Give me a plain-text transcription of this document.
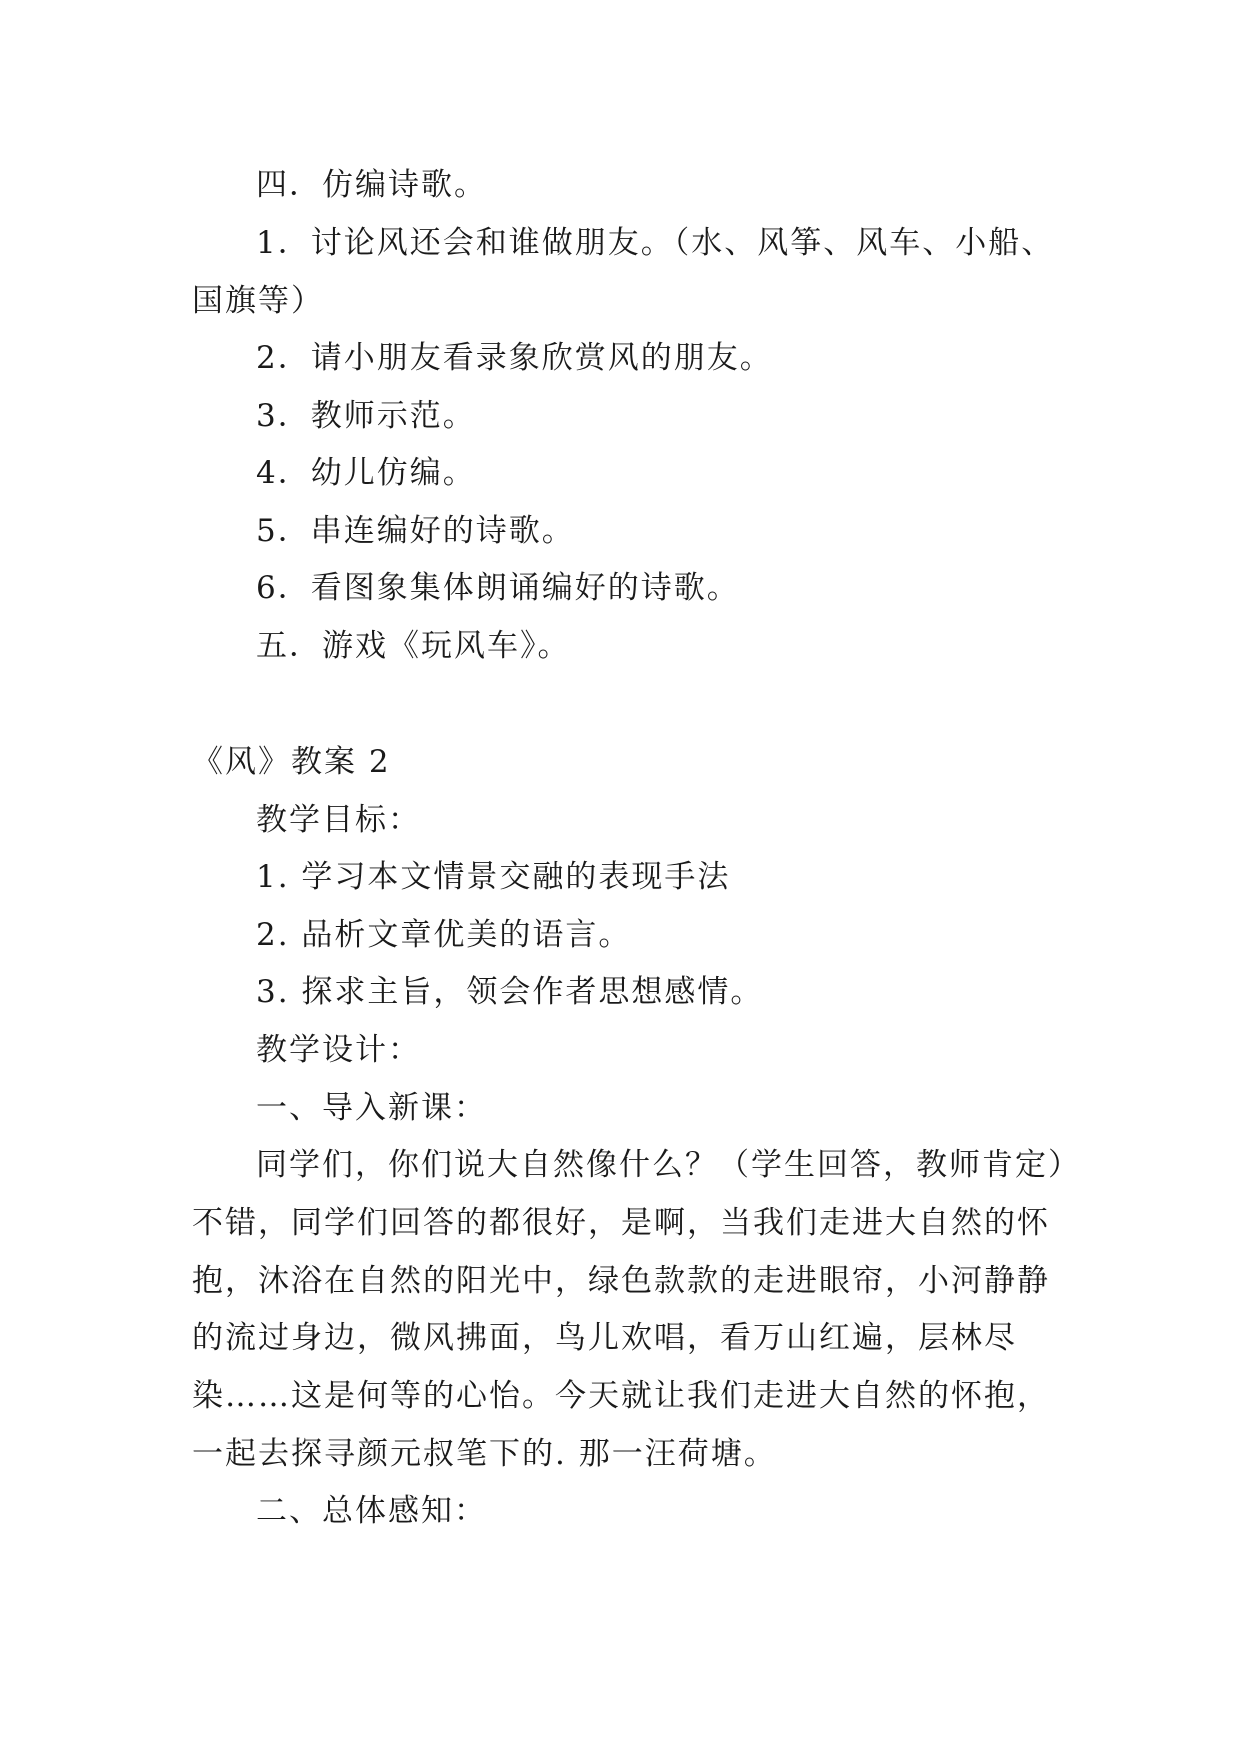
四．仿编诗歌。
1．讨论风还会和谁做朋友。（水、风筝、风车、小船、
国旗等）
2．请小朋友看录象欣赏风的朋友。
3．教师示范。
4．幼儿仿编。
5．串连编好的诗歌。
6．看图象集体朗诵编好的诗歌。
五．游戏《玩风车》。
《风》教案 2
教学目标：
1. 学习本文情景交融的表现手法
2. 品析文章优美的语言。
3. 探求主旨，领会作者思想感情。
教学设计：
一、导入新课：
同学们，你们说大自然像什么？（学生回答，教师肯定）
不错，同学们回答的都很好，是啊，当我们走进大自然的怀
抱，沐浴在自然的阳光中，绿色款款的走进眼帘，小河静静
的流过身边，微风拂面，鸟儿欢唱，看万山红遍，层林尽
染……这是何等的心怡。今天就让我们走进大自然的怀抱，
一起去探寻颜元叔笔下的. 那一汪荷塘。
二、总体感知：
